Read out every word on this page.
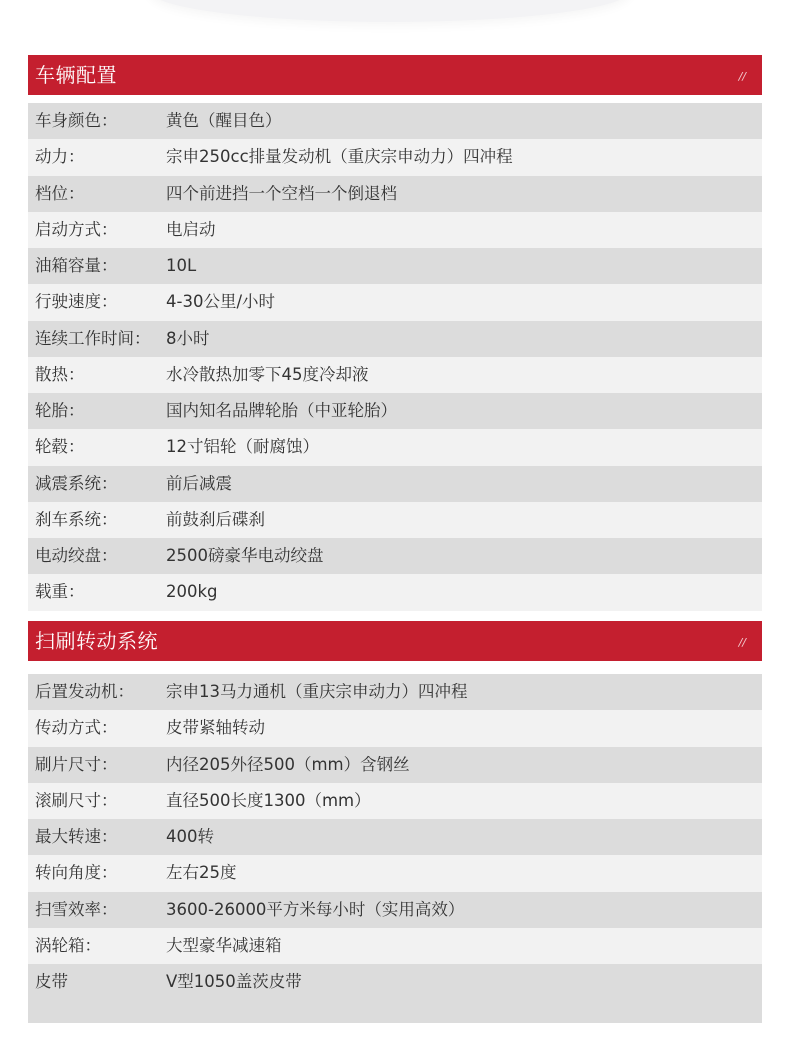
车辆配置	//
车身颜色：	黄色（醒目色）
动力：	宗申250cc排量发动机（重庆宗申动力）四冲程
档位：	四个前进挡一个空档一个倒退档
启动方式：	电启动
油箱容量：	10L
行驶速度：	4-30公里/小时
连续工作时间： 8小时
散热：	水冷散热加零下45度冷却液
轮胎：	国内知名品牌轮胎（中亚轮胎）
轮毂：	12寸铝轮（耐腐蚀）
减震系统：	前后减震
刹车系统：	前鼓刹后碟刹
电动绞盘：	2500磅豪华电动绞盘
载重：	200kg
扫刷转动系统	//
后置发动机： 宗申13马力通机（重庆宗申动力）四冲程
传动方式：	皮带紧轴转动
刷片尺寸：	内径205外径500（mm）含钢丝
滚刷尺寸：	直径500长度1300（mm）
最大转速：	400转
转向角度：	左右25度
扫雪效率：	3600-26000平方米每小时（实用高效）
涡轮箱：	大型豪华减速箱
皮带	V型1050盖茨皮带
